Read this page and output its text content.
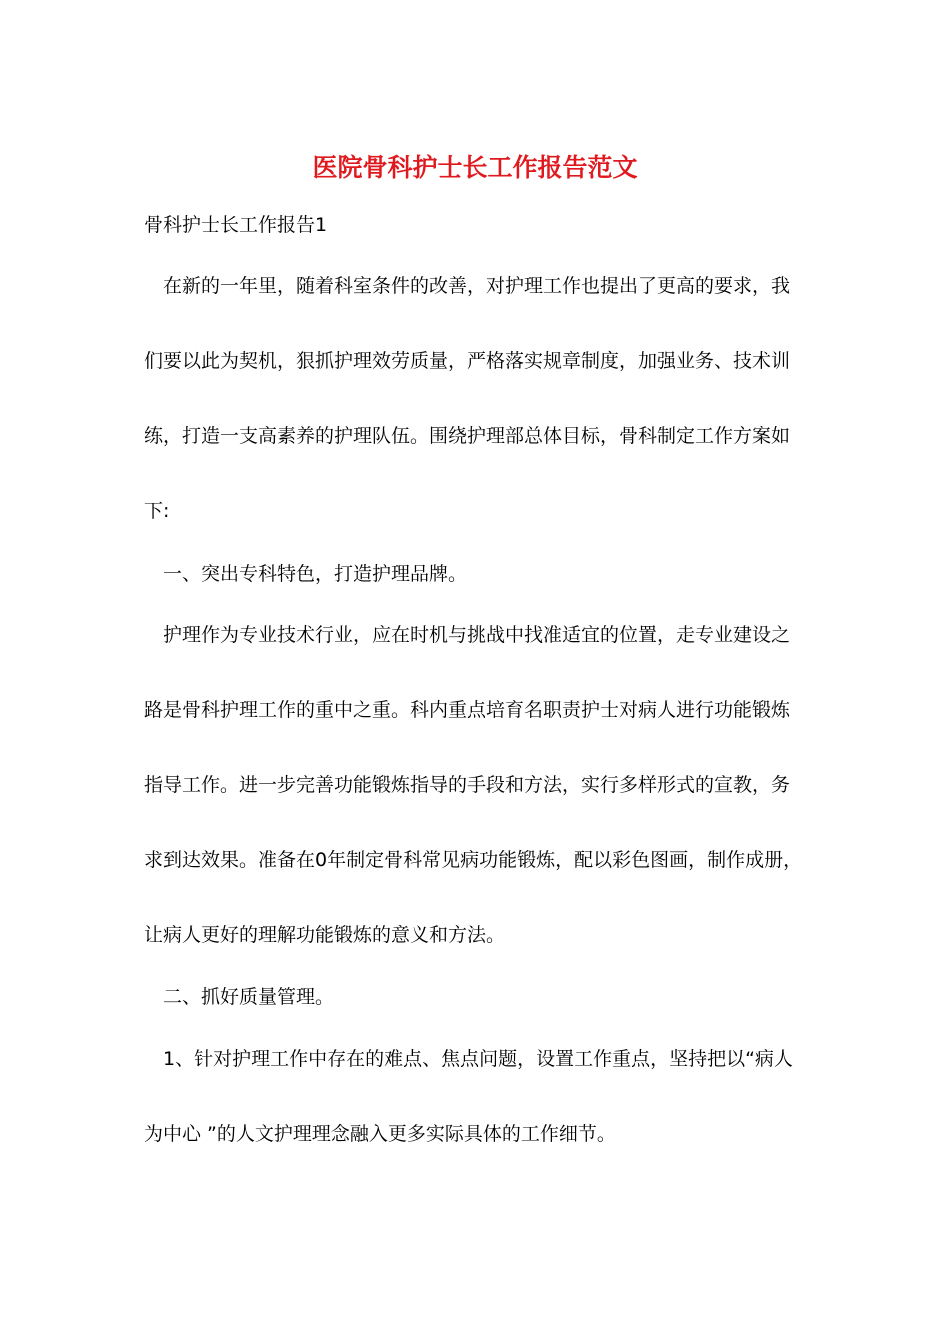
医院骨科护士长工作报告范文

骨科护士长工作报告1

在新的一年里，随着科室条件的改善，对护理工作也提出了更高的要求，我

们要以此为契机，狠抓护理效劳质量，严格落实规章制度，加强业务、技术训

练，打造一支高素养的护理队伍。围绕护理部总体目标，骨科制定工作方案如

下:

一、突出专科特色，打造护理品牌。

护理作为专业技术行业，应在时机与挑战中找准适宜的位置，走专业建设之

路是骨科护理工作的重中之重。科内重点培育名职责护士对病人进行功能锻炼

指导工作。进一步完善功能锻炼指导的手段和方法，实行多样形式的宣教，务

求到达效果。准备在0年制定骨科常见病功能锻炼，配以彩色图画，制作成册，

让病人更好的理解功能锻炼的意义和方法。

二、抓好质量管理。

1、针对护理工作中存在的难点、焦点问题，设置工作重点，坚持把以“病人

为中心 ”的人文护理理念融入更多实际具体的工作细节。
